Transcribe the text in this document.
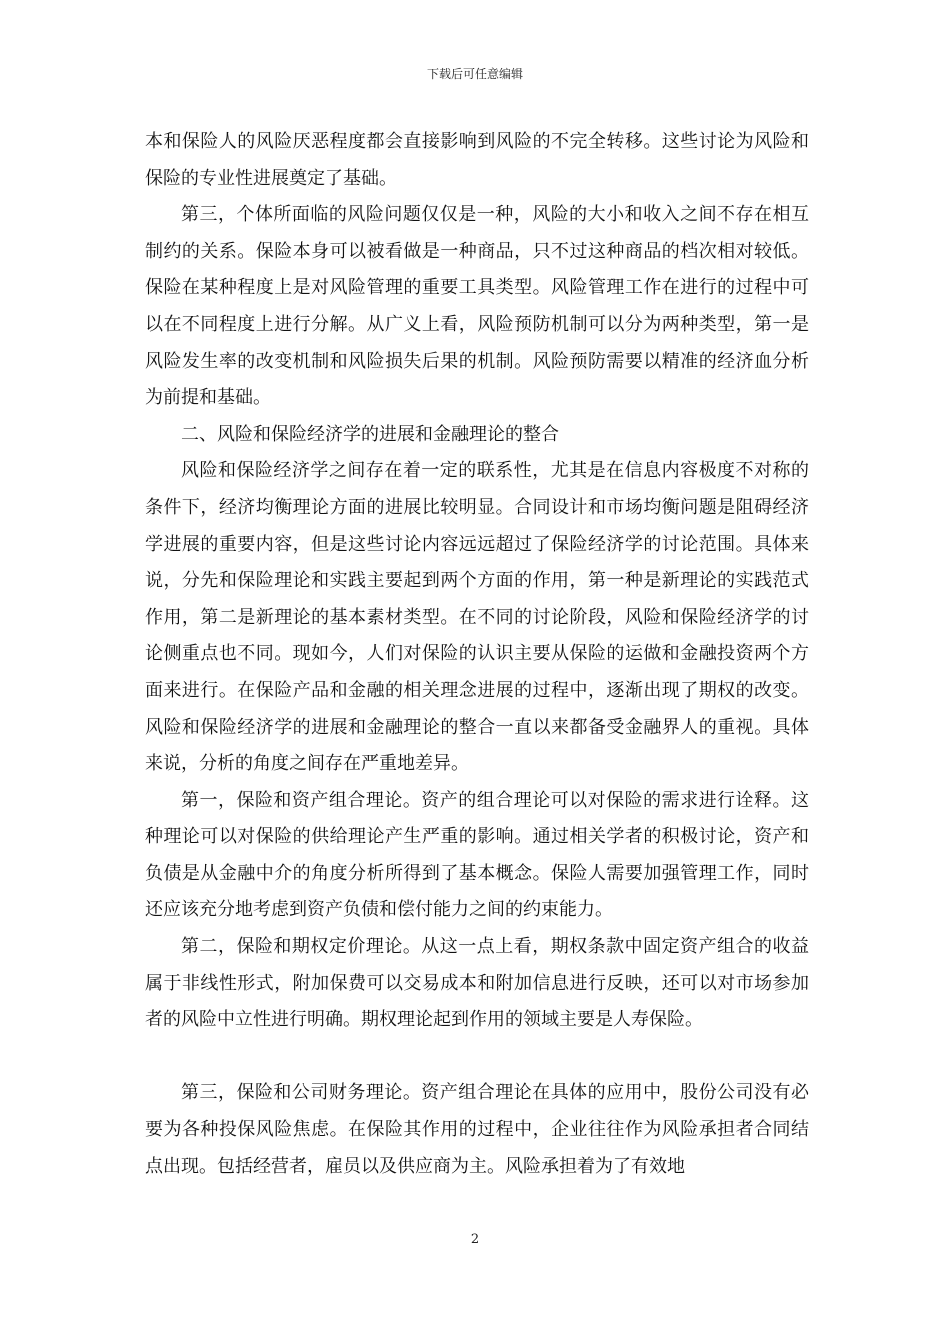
下载后可任意编辑

本和保险人的风险厌恶程度都会直接影响到风险的不完全转移。这些讨论为风险和保险的专业性进展奠定了基础。

第三，个体所面临的风险问题仅仅是一种，风险的大小和收入之间不存在相互制约的关系。保险本身可以被看做是一种商品，只不过这种商品的档次相对较低。保险在某种程度上是对风险管理的重要工具类型。风险管理工作在进行的过程中可以在不同程度上进行分解。从广义上看，风险预防机制可以分为两种类型，第一是风险发生率的改变机制和风险损失后果的机制。风险预防需要以精准的经济血分析为前提和基础。

二、风险和保险经济学的进展和金融理论的整合

风险和保险经济学之间存在着一定的联系性，尤其是在信息内容极度不对称的条件下，经济均衡理论方面的进展比较明显。合同设计和市场均衡问题是阻碍经济学进展的重要内容，但是这些讨论内容远远超过了保险经济学的讨论范围。具体来说，分先和保险理论和实践主要起到两个方面的作用，第一种是新理论的实践范式作用，第二是新理论的基本素材类型。在不同的讨论阶段，风险和保险经济学的讨论侧重点也不同。现如今，人们对保险的认识主要从保险的运做和金融投资两个方面来进行。在保险产品和金融的相关理念进展的过程中，逐渐出现了期权的改变。风险和保险经济学的进展和金融理论的整合一直以来都备受金融界人的重视。具体来说，分析的角度之间存在严重地差异。

第一，保险和资产组合理论。资产的组合理论可以对保险的需求进行诠释。这种理论可以对保险的供给理论产生严重的影响。通过相关学者的积极讨论，资产和负债是从金融中介的角度分析所得到了基本概念。保险人需要加强管理工作，同时还应该充分地考虑到资产负债和偿付能力之间的约束能力。

第二，保险和期权定价理论。从这一点上看，期权条款中固定资产组合的收益属于非线性形式，附加保费可以交易成本和附加信息进行反映，还可以对市场参加者的风险中立性进行明确。期权理论起到作用的领域主要是人寿保险。

第三，保险和公司财务理论。资产组合理论在具体的应用中，股份公司没有必要为各种投保风险焦虑。在保险其作用的过程中，企业往往作为风险承担者合同结点出现。包括经营者，雇员以及供应商为主。风险承担着为了有效地

2
